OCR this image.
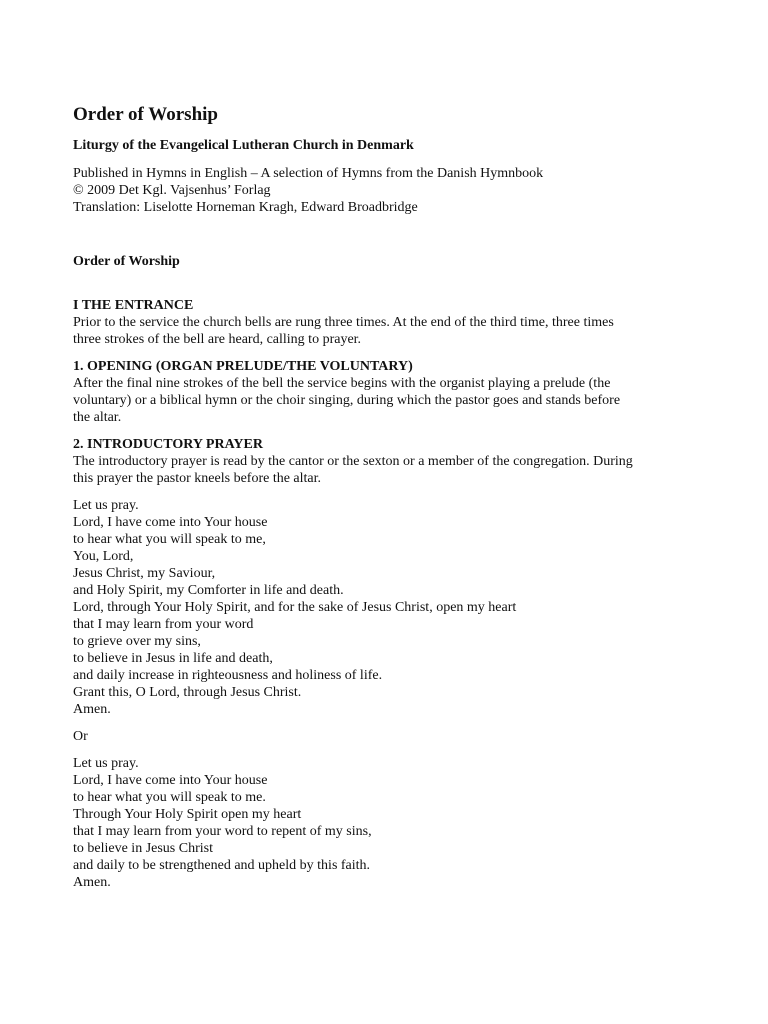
Order of Worship
Liturgy of the Evangelical Lutheran Church in Denmark
Published in Hymns in English – A selection of Hymns from the Danish Hymnbook
© 2009 Det Kgl. Vajsenhus’ Forlag
Translation: Liselotte Horneman Kragh, Edward Broadbridge
Order of Worship
I THE ENTRANCE
Prior to the service the church bells are rung three times. At the end of the third time, three times
three strokes of the bell are heard, calling to prayer.
1. OPENING (ORGAN PRELUDE/THE VOLUNTARY)
After the final nine strokes of the bell the service begins with the organist playing a prelude (the
voluntary) or a biblical hymn or the choir singing, during which the pastor goes and stands before
the altar.
2. INTRODUCTORY PRAYER
The introductory prayer is read by the cantor or the sexton or a member of the congregation. During
this prayer the pastor kneels before the altar.
Let us pray.
Lord, I have come into Your house
to hear what you will speak to me,
You, Lord,
Jesus Christ, my Saviour,
and Holy Spirit, my Comforter in life and death.
Lord, through Your Holy Spirit, and for the sake of Jesus Christ, open my heart
that I may learn from your word
to grieve over my sins,
to believe in Jesus in life and death,
and daily increase in righteousness and holiness of life.
Grant this, O Lord, through Jesus Christ.
Amen.
Or
Let us pray.
Lord, I have come into Your house
to hear what you will speak to me.
Through Your Holy Spirit open my heart
that I may learn from your word to repent of my sins,
to believe in Jesus Christ
and daily to be strengthened and upheld by this faith.
Amen.
